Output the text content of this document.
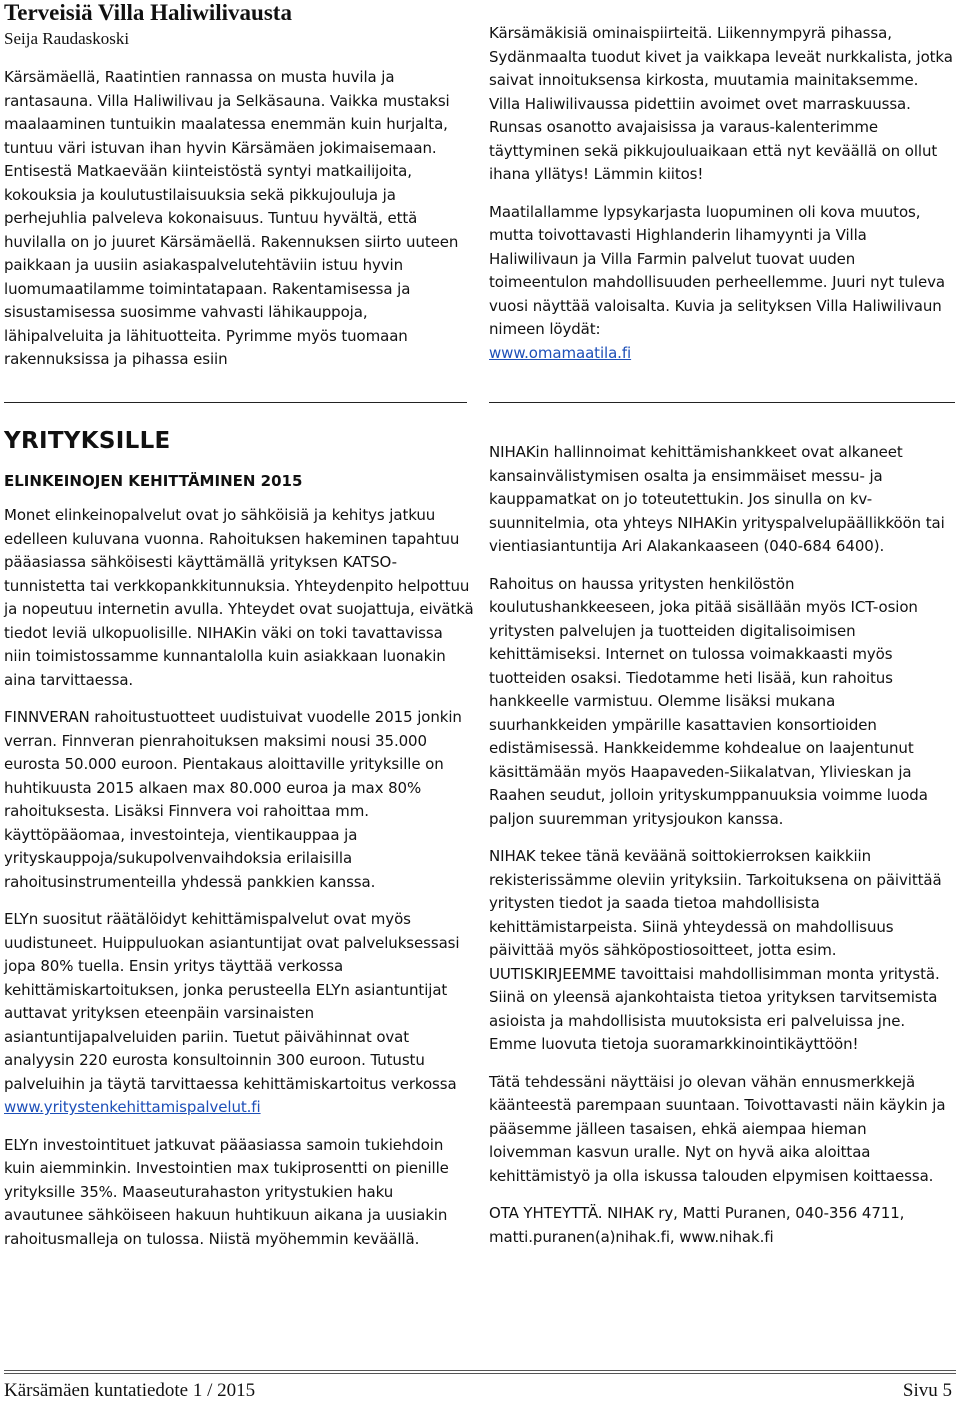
Terveisiä Villa Haliwilivausta
Seija Raudaskoski

Kärsämäellä, Raatintien rannassa on musta huvila ja rantasauna. Villa Haliwilivau ja Selkäsauna. Vaikka mustaksi maalaaminen tuntuikin maalatessa enemmän kuin hurjalta, tuntuu väri istuvan ihan hyvin Kärsämäen jokimaisemaan. Entisestä Matkaevään kiinteistöstä syntyi matkailijoita, kokouksia ja koulutustilaisuuksia sekä pikkujouluja ja perhejuhlia palveleva kokonaisuus. Tuntuu hyvältä, että huvilalla on jo juuret Kärsämäellä. Rakennuksen siirto uuteen paikkaan ja uusiin asiakaspalvelutehtäviin istuu hyvin luomumaatilamme toimintatapaan. Rakentamisessa ja sisustamisessa suosimme vahvasti lähikauppoja, lähipalveluita ja lähituotteita. Pyrimme myös tuomaan rakennuksissa ja pihassa esiin

Kärsämäkisiä ominaispiirteitä. Liikennympyrä pihassa, Sydänmaalta tuodut kivet ja vaikkapa leveät nurkkalista, jotka saivat innoituksensa kirkosta, muutamia mainitaksemme. Villa Haliwilivaussa pidettiin avoimet ovet marraskuussa. Runsas osanotto avajaisissa ja varaus-kalenterimme täyttyminen sekä pikkujouluaikaan että nyt keväällä on ollut ihana yllätys! Lämmin kiitos!

Maatilallamme lypsykarjasta luopuminen oli kova muutos, mutta toivottavasti Highlanderin lihamyynti ja Villa Haliwilivaun ja Villa Farmin palvelut tuovat uuden toimeentulon mahdollisuuden perheellemme. Juuri nyt tuleva vuosi näyttää valoisalta. Kuvia ja selityksen Villa Haliwilivaun nimeen löydät:
www.omamaatila.fi

YRITYKSILLE
ELINKEINOJEN KEHITTÄMINEN 2015

Monet elinkeinopalvelut ovat jo sähköisiä ja kehitys jatkuu edelleen kuluvana vuonna. Rahoituksen hakeminen tapahtuu pääasiassa sähköisesti käyttämällä yrityksen KATSO-tunnistetta tai verkkopankkitunnuksia. Yhteydenpito helpottuu ja nopeutuu internetin avulla. Yhteydet ovat suojattuja, eivätkä tiedot leviä ulkopuolisille. NIHAKin väki on toki tavattavissa niin toimistossamme kunnantalolla kuin asiakkaan luonakin aina tarvittaessa.

FINNVERAN rahoitustuotteet uudistuivat vuodelle 2015 jonkin verran. Finnveran pienrahoituksen maksimi nousi 35.000 eurosta 50.000 euroon. Pientakaus aloittaville yrityksille on huhtikuusta 2015 alkaen max 80.000 euroa ja max 80% rahoituksesta. Lisäksi Finnvera voi rahoittaa mm. käyttöpääomaa, investointeja, vientikauppaa ja yrityskauppoja/sukupolvenvaihdoksia erilaisilla rahoitusinstrumenteilla yhdessä pankkien kanssa.

ELYn suositut räätälöidyt kehittämispalvelut ovat myös uudistuneet. Huippuluokan asiantuntijat ovat palveluksessasi jopa 80% tuella. Ensin yritys täyttää verkossa kehittämiskartoituksen, jonka perusteella ELYn asiantuntijat auttavat yrityksen eteenpäin varsinaisten asiantuntijapalveluiden pariin. Tuetut päivähinnat ovat analyysin 220 eurosta konsultoinnin 300 euroon. Tutustu palveluihin ja täytä tarvittaessa kehittämiskartoitus verkossa www.yritystenkehittamispalvelut.fi

ELYn investointituet jatkuvat pääasiassa samoin tukiehdoin kuin aiemminkin. Investointien max tukiprosentti on pienille yrityksille 35%. Maaseuturahaston yritystukien haku avautunee sähköiseen hakuun huhtikuun aikana ja uusiakin rahoitusmalleja on tulossa. Niistä myöhemmin keväällä.

NIHAKin hallinnoimat kehittämishankkeet ovat alkaneet kansainvälistymisen osalta ja ensimmäiset messu- ja kauppamatkat on jo toteutettukin. Jos sinulla on kv-suunnitelmia, ota yhteys NIHAKin yrityspalvelupäällikköön tai vientiasiantuntija Ari Alakankaaseen (040-684 6400).

Rahoitus on haussa yritysten henkilöstön koulutushankkeeseen, joka pitää sisällään myös ICT-osion yritysten palvelujen ja tuotteiden digitalisoimisen kehittämiseksi. Internet on tulossa voimakkaasti myös tuotteiden osaksi. Tiedotamme heti lisää, kun rahoitus hankkeelle varmistuu. Olemme lisäksi mukana suurhankkeiden ympärille kasattavien konsortioiden edistämisessä. Hankkeidemme kohdealue on laajentunut käsittämään myös Haapaveden-Siikalatvan, Ylivieskan ja Raahen seudut, jolloin yrityskumppanuuksia voimme luoda paljon suuremman yritysjoukon kanssa.

NIHAK tekee tänä keväänä soittokierroksen kaikkiin rekisterissämme oleviin yrityksiin. Tarkoituksena on päivittää yritysten tiedot ja saada tietoa mahdollisista kehittämistarpeista. Siinä yhteydessä on mahdollisuus päivittää myös sähköpostiosoitteet, jotta esim. UUTISKIRJEEMME tavoittaisi mahdollisimman monta yritystä. Siinä on yleensä ajankohtaista tietoa yrityksen tarvitsemista asioista ja mahdollisista muutoksista eri palveluissa jne. Emme luovuta tietoja suoramarkkinointikäyttöön!

Tätä tehdessäni näyttäisi jo olevan vähän ennusmerkkejä käänteestä parempaan suuntaan. Toivottavasti näin käykin ja pääsemme jälleen tasaisen, ehkä aiempaa hieman loivemman kasvun uralle. Nyt on hyvä aika aloittaa kehittämistyö ja olla iskussa talouden elpymisen koittaessa.

OTA YHTEYTTÄ. NIHAK ry, Matti Puranen, 040-356 4711, matti.puranen(a)nihak.fi, www.nihak.fi

Kärsämäen kuntatiedote 1 / 2015	Sivu 5
